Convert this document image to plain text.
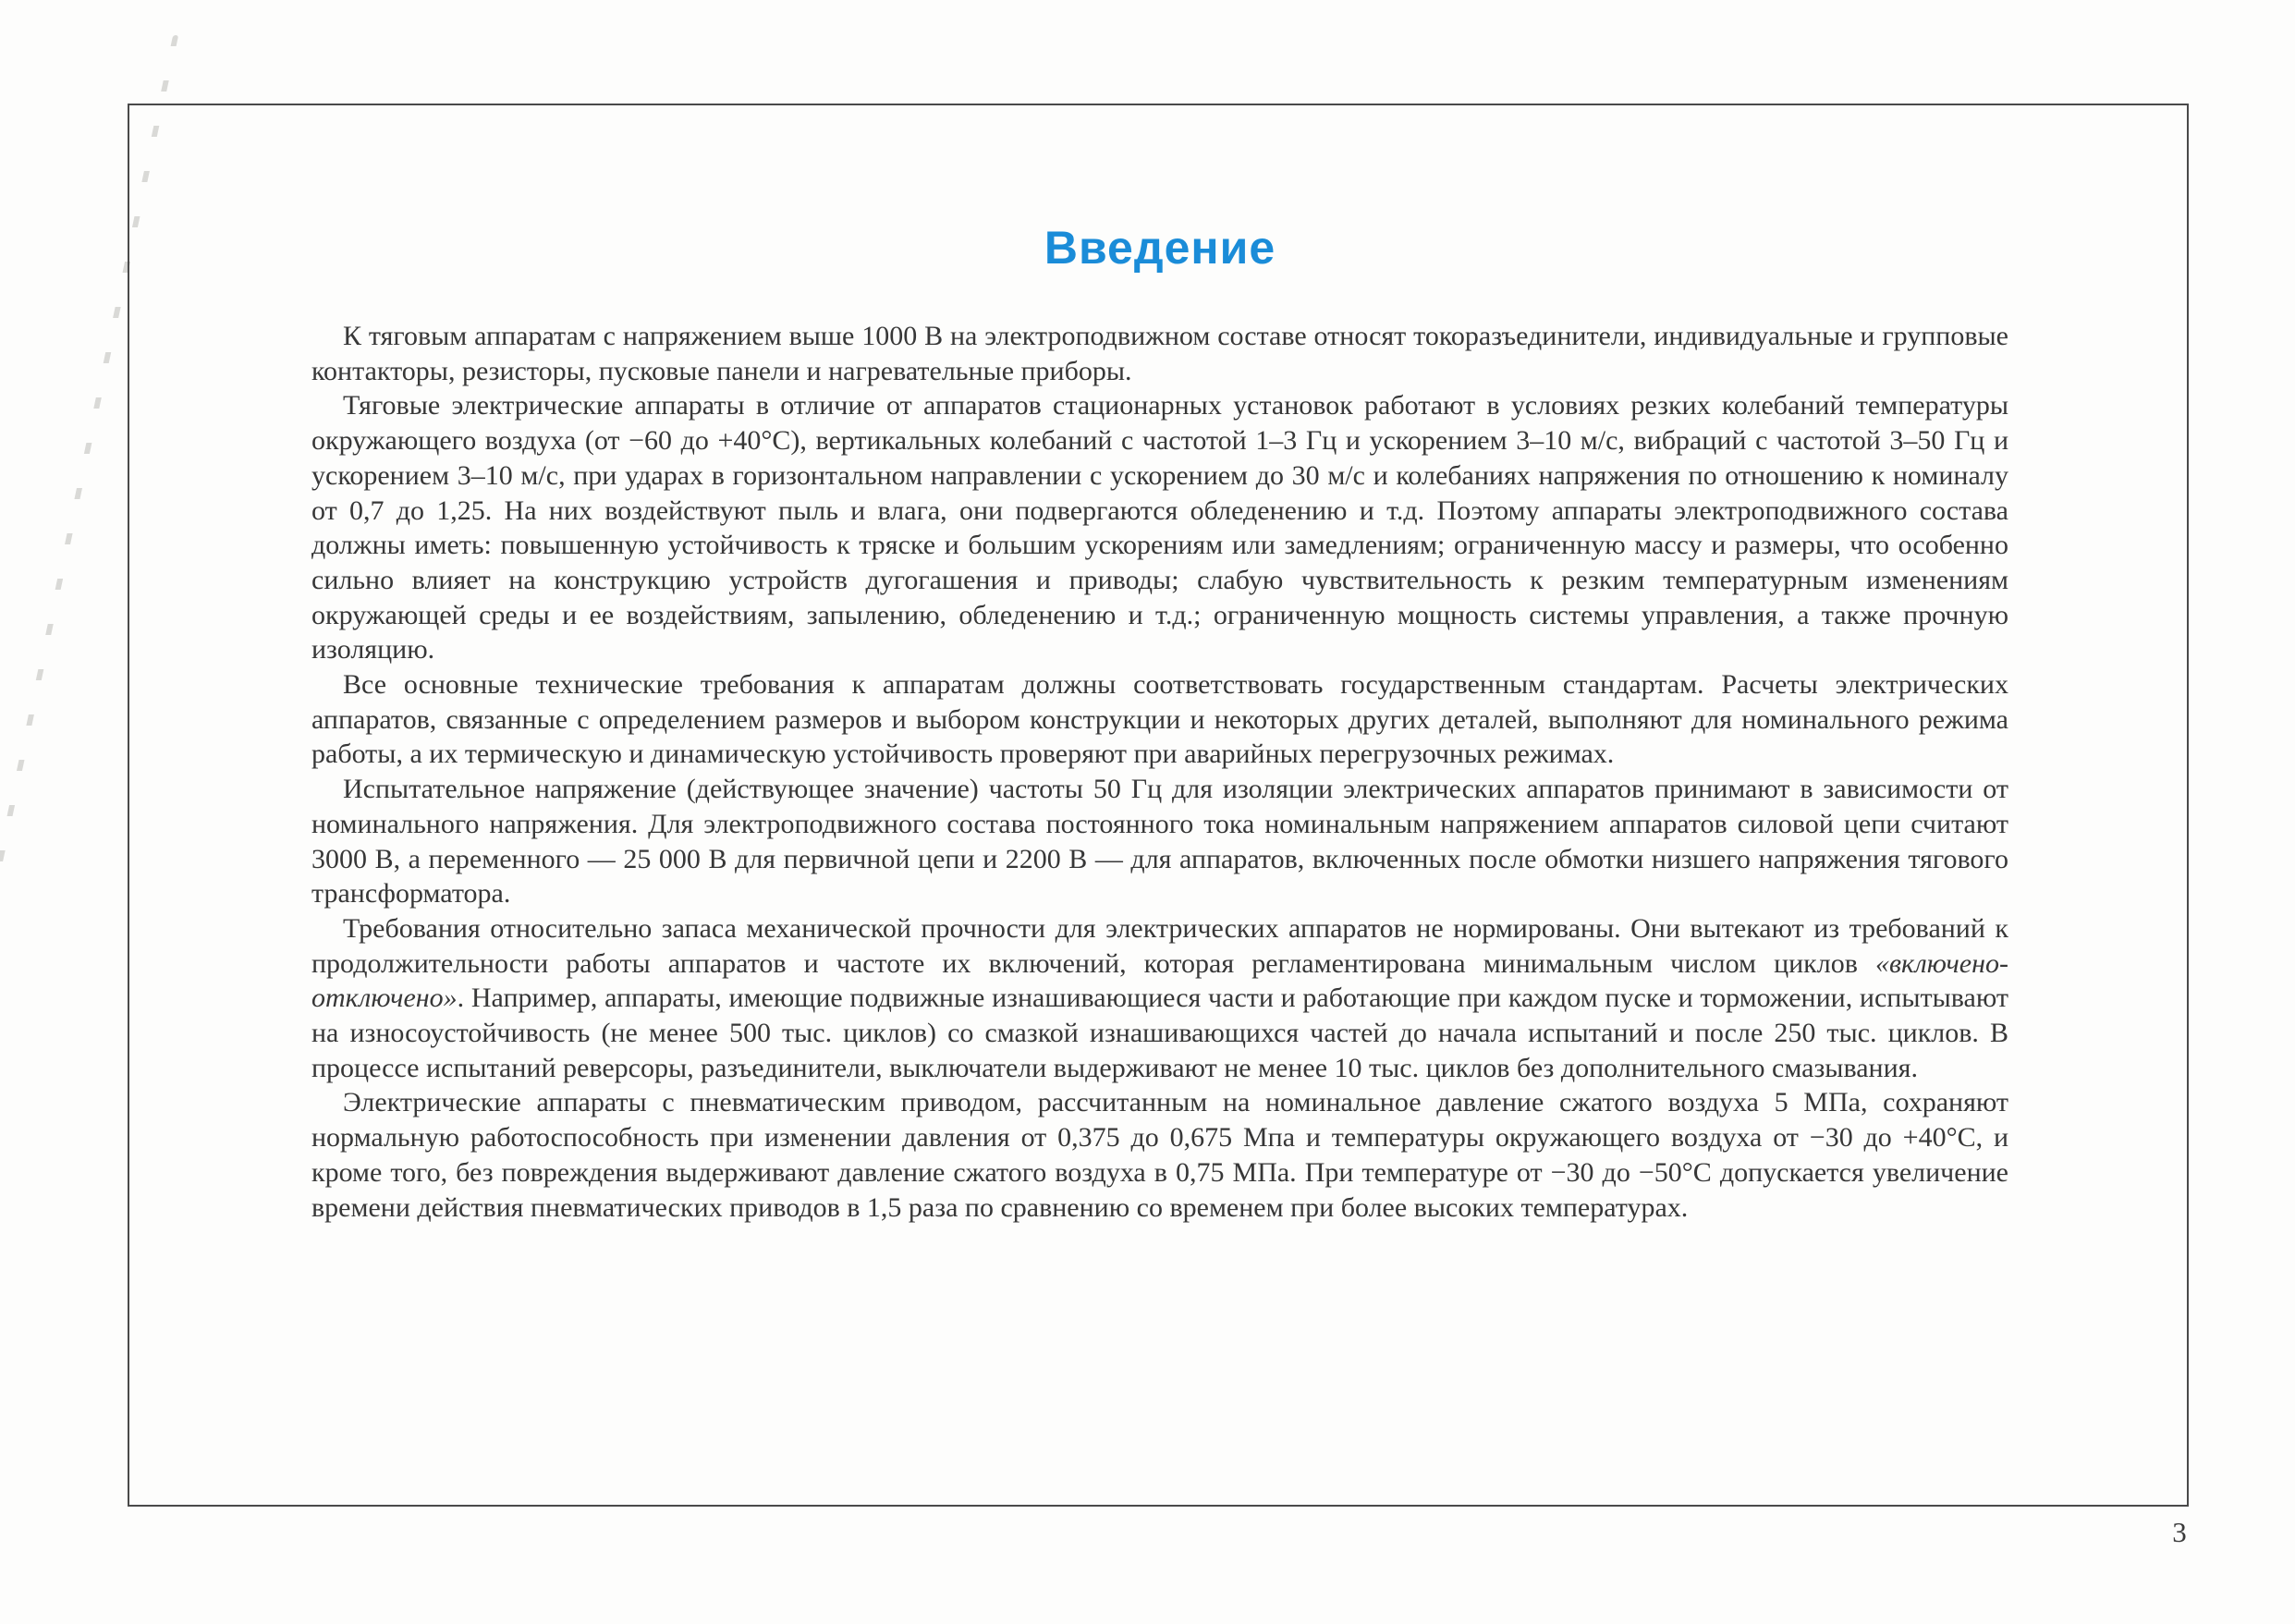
Введение

К тяговым аппаратам с напряжением выше 1000 В на электроподвижном составе относят токоразъединители, индивидуальные и групповые контакторы, резисторы, пусковые панели и нагревательные приборы.

Тяговые электрические аппараты в отличие от аппаратов стационарных установок работают в условиях резких колебаний температуры окружающего воздуха (от −60 до +40°С), вертикальных колебаний с частотой 1–3 Гц и ускорением 3–10 м/с, вибраций с частотой 3–50 Гц и ускорением 3–10 м/с, при ударах в горизонтальном направлении с ускорением до 30 м/с и колебаниях напряжения по отношению к номиналу от 0,7 до 1,25. На них воздействуют пыль и влага, они подвергаются обледенению и т.д. Поэтому аппараты электроподвижного состава должны иметь: повышенную устойчивость к тряске и большим ускорениям или замедлениям; ограниченную массу и размеры, что особенно сильно влияет на конструкцию устройств дугогашения и приводы; слабую чувствительность к резким температурным изменениям окружающей среды и ее воздействиям, запылению, обледенению и т.д.; ограниченную мощность системы управления, а также прочную изоляцию.

Все основные технические требования к аппаратам должны соответствовать государственным стандартам. Расчеты электрических аппаратов, связанные с определением размеров и выбором конструкции и некоторых других деталей, выполняют для номинального режима работы, а их термическую и динамическую устойчивость проверяют при аварийных перегрузочных режимах.

Испытательное напряжение (действующее значение) частоты 50 Гц для изоляции электрических аппаратов принимают в зависимости от номинального напряжения. Для электроподвижного состава постоянного тока номинальным напряжением аппаратов силовой цепи считают 3000 В, а переменного — 25 000 В для первичной цепи и 2200 В — для аппаратов, включенных после обмотки низшего напряжения тягового трансформатора.

Требования относительно запаса механической прочности для электрических аппаратов не нормированы. Они вытекают из требований к продолжительности работы аппаратов и частоте их включений, которая регламентирована минимальным числом циклов «включено-отключено». Например, аппараты, имеющие подвижные изнашивающиеся части и работающие при каждом пуске и торможении, испытывают на износоустойчивость (не менее 500 тыс. циклов) со смазкой изнашивающихся частей до начала испытаний и после 250 тыс. циклов. В процессе испытаний реверсоры, разъединители, выключатели выдерживают не менее 10 тыс. циклов без дополнительного смазывания.

Электрические аппараты с пневматическим приводом, рассчитанным на номинальное давление сжатого воздуха 5 МПа, сохраняют нормальную работоспособность при изменении давления от 0,375 до 0,675 Мпа и температуры окружающего воздуха от −30 до +40°С, и кроме того, без повреждения выдерживают давление сжатого воздуха в 0,75 МПа. При температуре от −30 до −50°С допускается увеличение времени действия пневматических приводов в 1,5 раза по сравнению со временем при более высоких температурах.

3
